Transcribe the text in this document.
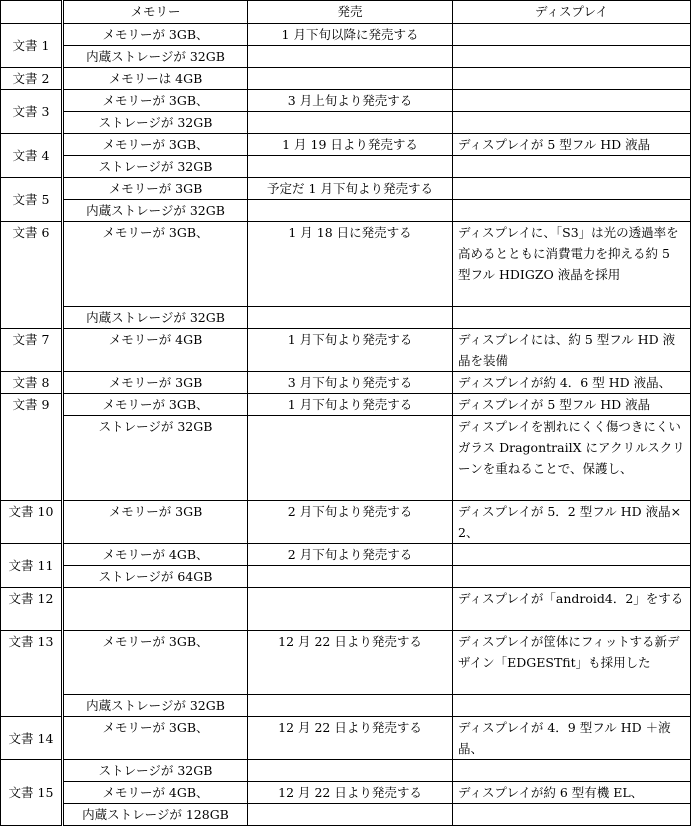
	メモリー	発売	ディスプレイ
文書 1	メモリーが 3GB、	1 月下旬以降に発売する	
	内蔵ストレージが 32GB		
文書 2	メモリーは 4GB		
文書 3	メモリーが 3GB、	3 月上旬より発売する	
	ストレージが 32GB		
文書 4	メモリーが 3GB、	1 月 19 日より発売する	ディスプレイが 5 型フル HD 液晶
	ストレージが 32GB		
文書 5	メモリーが 3GB	予定だ 1 月下旬より発売する	
	内蔵ストレージが 32GB		
文書 6	メモリーが 3GB、	1 月 18 日に発売する	ディスプレイに、「S3」は光の透過率を高めるとともに消費電力を抑える約 5 型フル HDIGZO 液晶を採用
	内蔵ストレージが 32GB		
文書 7	メモリーが 4GB	1 月下旬より発売する	ディスプレイには、約 5 型フル HD 液晶を装備
文書 8	メモリーが 3GB	3 月下旬より発売する	ディスプレイが約 4．6 型 HD 液晶、
文書 9	メモリーが 3GB、	1 月下旬より発売する	ディスプレイが 5 型フル HD 液晶
	ストレージが 32GB		ディスプレイを割れにくく傷つきにくいガラス DragontrailX にアクリルスクリーンを重ねることで、保護し、
文書 10	メモリーが 3GB	2 月下旬より発売する	ディスプレイが 5．2 型フル HD 液晶× 2、
文書 11	メモリーが 4GB、	2 月下旬より発売する	
	ストレージが 64GB		
文書 12			ディスプレイが「android4．2」をする
文書 13	メモリーが 3GB、	12 月 22 日より発売する	ディスプレイが筐体にフィットする新デザイン「EDGESTfit」も採用した
	内蔵ストレージが 32GB		
文書 14	メモリーが 3GB、	12 月 22 日より発売する	ディスプレイが 4．9 型フル HD ＋液晶、
文書 15	ストレージが 32GB		
	メモリーが 4GB、	12 月 22 日より発売する	ディスプレイが約 6 型有機 EL、
	内蔵ストレージが 128GB		
